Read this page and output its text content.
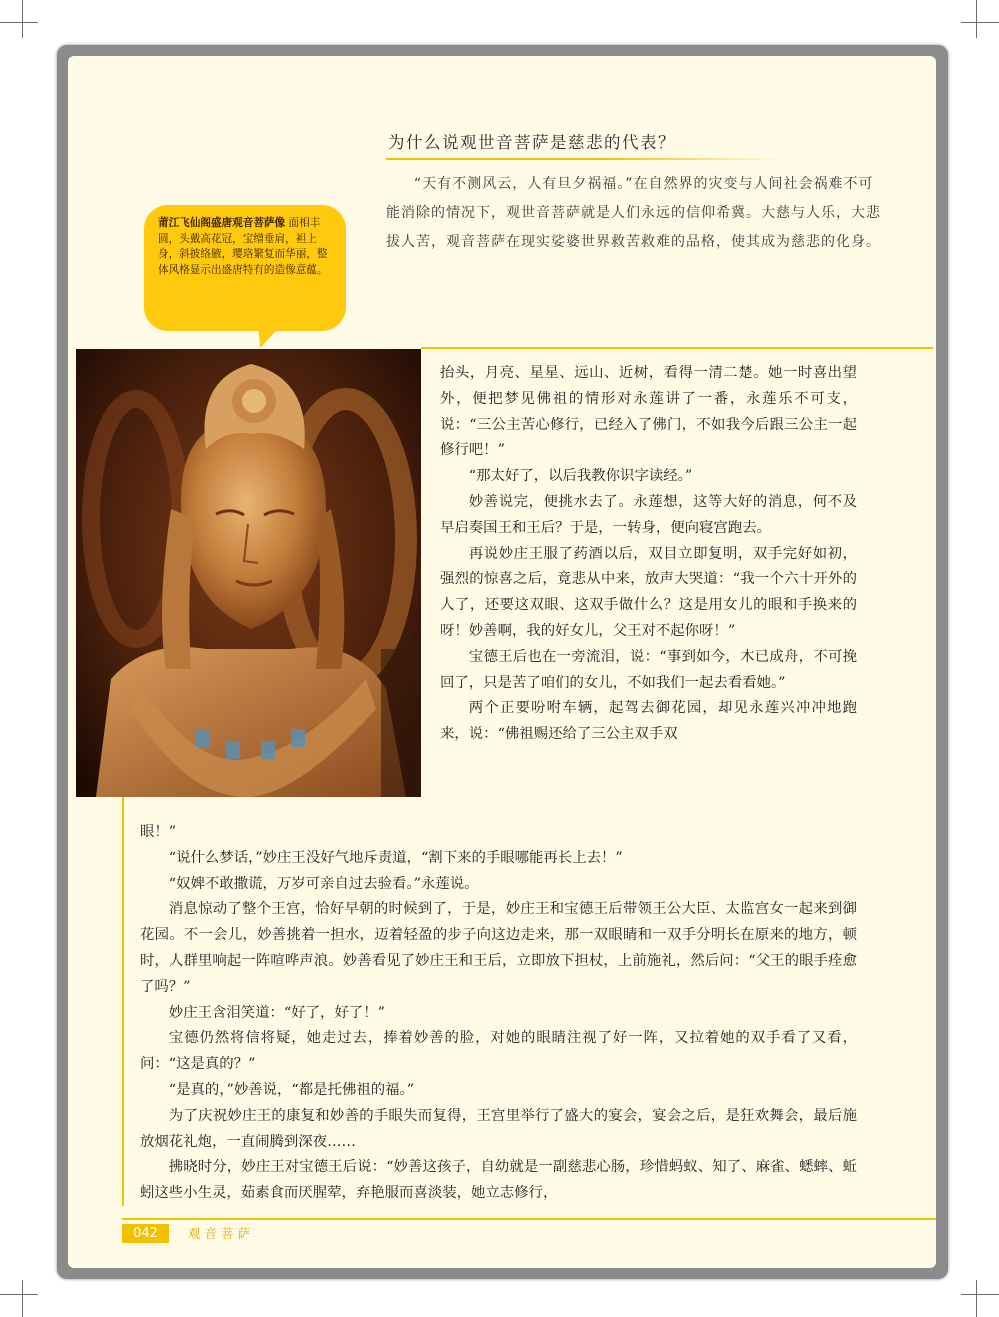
为什么说观世音菩萨是慈悲的代表？

“天有不测风云，人有旦夕祸福。”在自然界的灾变与人间社会祸难不可能消除的情况下，观世音菩萨就是人们永远的信仰希冀。大慈与人乐，大悲拔人苦，观音菩萨在现实娑婆世界救苦救难的品格，使其成为慈悲的化身。

莆江飞仙阁盛唐观音菩萨像 面相丰圆，头戴高花冠，宝缯垂肩，袒上身，斜披络腋，璎珞繁复而华丽，整体风格显示出盛唐特有的造像意蕴。

抬头，月亮、星星、远山、近树，看得一清二楚。她一时喜出望外，便把梦见佛祖的情形对永莲讲了一番，永莲乐不可支，说：“三公主苦心修行，已经入了佛门，不如我今后跟三公主一起修行吧！”

“那太好了，以后我教你识字读经。”

妙善说完，便挑水去了。永莲想，这等大好的消息，何不及早启奏国王和王后？于是，一转身，便向寝宫跑去。

再说妙庄王服了药酒以后，双目立即复明，双手完好如初，强烈的惊喜之后，竟悲从中来，放声大哭道：“我一个六十开外的人了，还要这双眼、这双手做什么？这是用女儿的眼和手换来的呀！妙善啊，我的好女儿，父王对不起你呀！”

宝德王后也在一旁流泪，说：“事到如今，木已成舟，不可挽回了，只是苦了咱们的女儿，不如我们一起去看看她。”

两个正要吩咐车辆，起驾去御花园，却见永莲兴冲冲地跑来，说：“佛祖赐还给了三公主双手双

眼！”

“说什么梦话，”妙庄王没好气地斥责道，“割下来的手眼哪能再长上去！”

“奴婢不敢撒谎，万岁可亲自过去验看。”永莲说。

消息惊动了整个王宫，恰好早朝的时候到了，于是，妙庄王和宝德王后带领王公大臣、太监宫女一起来到御花园。不一会儿，妙善挑着一担水，迈着轻盈的步子向这边走来，那一双眼睛和一双手分明长在原来的地方，顿时，人群里响起一阵喧哗声浪。妙善看见了妙庄王和王后，立即放下担杖，上前施礼，然后问：“父王的眼手痊愈了吗？”

妙庄王含泪笑道：“好了，好了！”

宝德仍然将信将疑，她走过去，捧着妙善的脸，对她的眼睛注视了好一阵，又拉着她的双手看了又看，问：“这是真的？”

“是真的，”妙善说，“都是托佛祖的福。”

为了庆祝妙庄王的康复和妙善的手眼失而复得，王宫里举行了盛大的宴会，宴会之后，是狂欢舞会，最后施放烟花礼炮，一直闹腾到深夜……

拂晓时分，妙庄王对宝德王后说：“妙善这孩子，自幼就是一副慈悲心肠，珍惜蚂蚁、知了、麻雀、蟋蟀、蚯蚓这些小生灵，茹素食而厌腥荤，弃艳服而喜淡装，她立志修行，

042	观音菩萨
